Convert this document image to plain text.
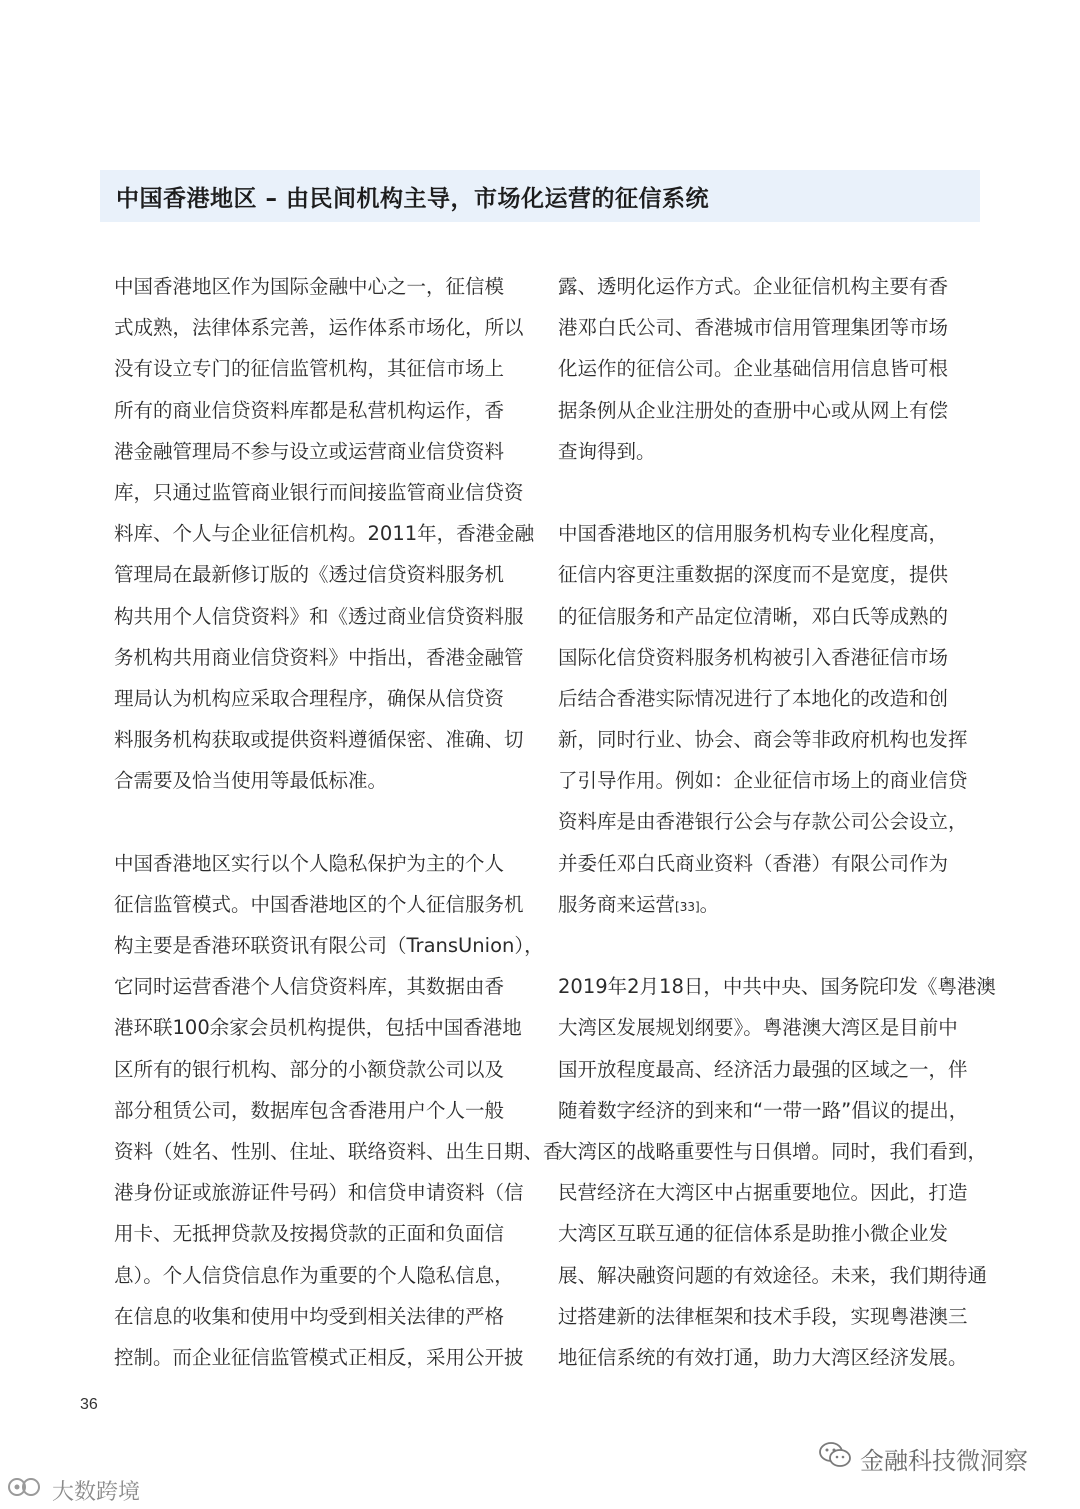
中国香港地区 – 由民间机构主导，市场化运营的征信系统
中国香港地区作为国际金融中心之一，征信模
式成熟，法律体系完善，运作体系市场化，所以
没有设立专门的征信监管机构，其征信市场上
所有的商业信贷资料库都是私营机构运作，香
港金融管理局不参与设立或运营商业信贷资料
库，只通过监管商业银行而间接监管商业信贷资
料库、个人与企业征信机构。2011年，香港金融
管理局在最新修订版的《透过信贷资料服务机
构共用个人信贷资料》和《透过商业信贷资料服
务机构共用商业信贷资料》中指出，香港金融管
理局认为机构应采取合理程序，确保从信贷资
料服务机构获取或提供资料遵循保密、准确、切
合需要及恰当使用等最低标准。
中国香港地区实行以个人隐私保护为主的个人
征信监管模式。中国香港地区的个人征信服务机
构主要是香港环联资讯有限公司（TransUnion），
它同时运营香港个人信贷资料库，其数据由香
港环联100余家会员机构提供，包括中国香港地
区所有的银行机构、部分的小额贷款公司以及
部分租赁公司，数据库包含香港用户个人一般
资料（姓名、性别、住址、联络资料、出生日期、香
港身份证或旅游证件号码）和信贷申请资料（信
用卡、无抵押贷款及按揭贷款的正面和负面信
息）。个人信贷信息作为重要的个人隐私信息，
在信息的收集和使用中均受到相关法律的严格
控制。而企业征信监管模式正相反，采用公开披
露、透明化运作方式。企业征信机构主要有香
港邓白氏公司、香港城市信用管理集团等市场
化运作的征信公司。企业基础信用信息皆可根
据条例从企业注册处的查册中心或从网上有偿
查询得到。
中国香港地区的信用服务机构专业化程度高，
征信内容更注重数据的深度而不是宽度，提供
的征信服务和产品定位清晰，邓白氏等成熟的
国际化信贷资料服务机构被引入香港征信市场
后结合香港实际情况进行了本地化的改造和创
新，同时行业、协会、商会等非政府机构也发挥
了引导作用。例如：企业征信市场上的商业信贷
资料库是由香港银行公会与存款公司公会设立，
并委任邓白氏商业资料（香港）有限公司作为
服务商来运营[33]。
2019年2月18日，中共中央、国务院印发《粤港澳
大湾区发展规划纲要》。粤港澳大湾区是目前中
国开放程度最高、经济活力最强的区域之一，伴
随着数字经济的到来和“一带一路”倡议的提出，
大湾区的战略重要性与日俱增。同时，我们看到，
民营经济在大湾区中占据重要地位。因此，打造
大湾区互联互通的征信体系是助推小微企业发
展、解决融资问题的有效途径。未来，我们期待通
过搭建新的法律框架和技术手段，实现粤港澳三
地征信系统的有效打通，助力大湾区经济发展。
36
金融科技微洞察
大数跨境
